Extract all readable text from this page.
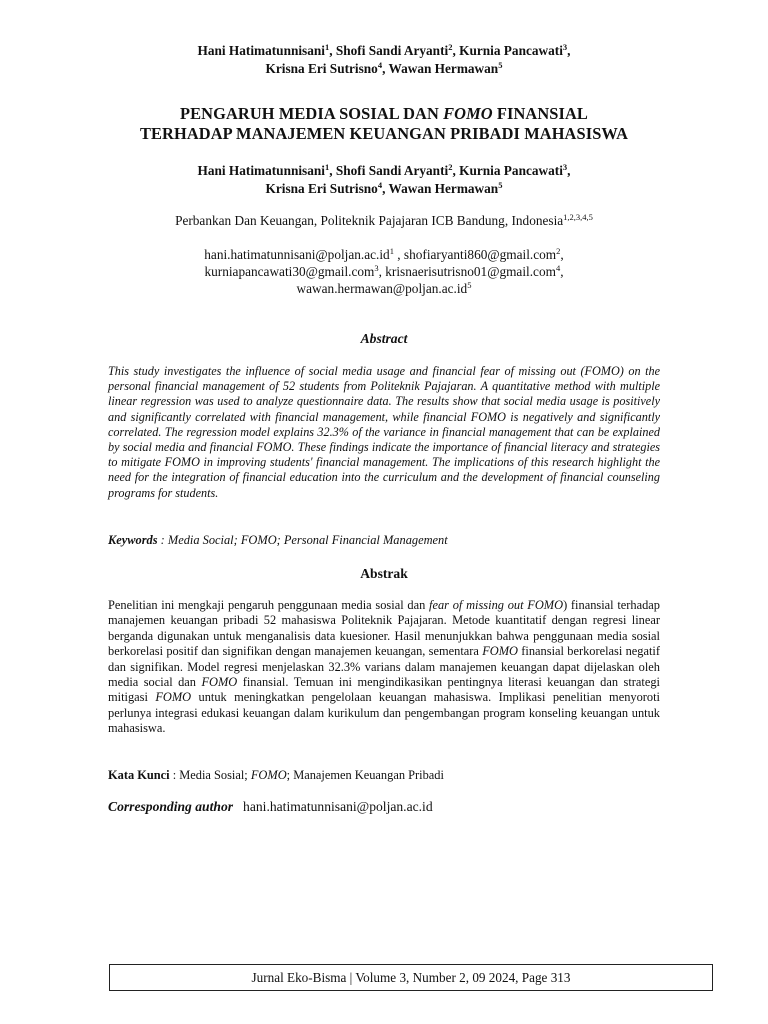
Hani Hatimatunnisani$^1$, Shofi Sandi Aryanti$^2$, Kurnia Pancawati$^3$,
Krisna Eri Sutrisno$^4$, Wawan Hermawan$^5$
PENGARUH MEDIA SOSIAL DAN FOMO FINANSIAL
TERHADAP MANAJEMEN KEUANGAN PRIBADI MAHASISWA
Hani Hatimatunnisani$^1$, Shofi Sandi Aryanti$^2$, Kurnia Pancawati$^3$,
Krisna Eri Sutrisno$^4$, Wawan Hermawan$^5$
Perbankan Dan Keuangan, Politeknik Pajajaran ICB Bandung, Indonesia$^{1,2,3,4,5}$
$hani.hatimatunnisani@poljan.ac.id^1$ , shofiaryanti860@gmail.com$^2$,
kurniapancawati30@gmail.com$^3$, krisnaerisutrisno01@gmail.com$^4$,
$wawan.hermawan@poljan.ac.id^5$
Abstract
This study investigates the influence of social media usage and financial fear of missing out (FOMO) on the personal financial management of 52 students from Politeknik Pajajaran. A quantitative method with multiple linear regression was used to analyze questionnaire data. The results show that social media usage is positively and significantly correlated with financial management, while financial FOMO is negatively and significantly correlated. The regression model explains 32.3% of the variance in financial management that can be explained by social media and financial FOMO. These findings indicate the importance of financial literacy and strategies to mitigate FOMO in improving students' financial management. The implications of this research highlight the need for the integration of financial education into the curriculum and the development of financial counseling programs for students.
Keywords : Media Social; FOMO; Personal Financial Management
Abstrak
Penelitian ini mengkaji pengaruh penggunaan media sosial dan fear of missing out FOMO) finansial terhadap manajemen keuangan pribadi 52 mahasiswa Politeknik Pajajaran. Metode kuantitatif dengan regresi linear berganda digunakan untuk menganalisis data kuesioner. Hasil menunjukkan bahwa penggunaan media sosial berkorelasi positif dan signifikan dengan manajemen keuangan, sementara FOMO finansial berkorelasi negatif dan signifikan. Model regresi menjelaskan 32.3% varians dalam manajemen keuangan dapat dijelaskan oleh media social dan FOMO finansial. Temuan ini mengindikasikan pentingnya literasi keuangan dan strategi mitigasi FOMO untuk meningkatkan pengelolaan keuangan mahasiswa. Implikasi penelitian menyoroti perlunya integrasi edukasi keuangan dalam kurikulum dan pengembangan program konseling keuangan untuk mahasiswa.
Kata Kunci : Media Sosial; FOMO; Manajemen Keuangan Pribadi
Corresponding author hani.hatimatunnisani@poljan.ac.id
Jurnal Eko-Bisma | Volume 3, Number 2, 09 2024, Page 313
